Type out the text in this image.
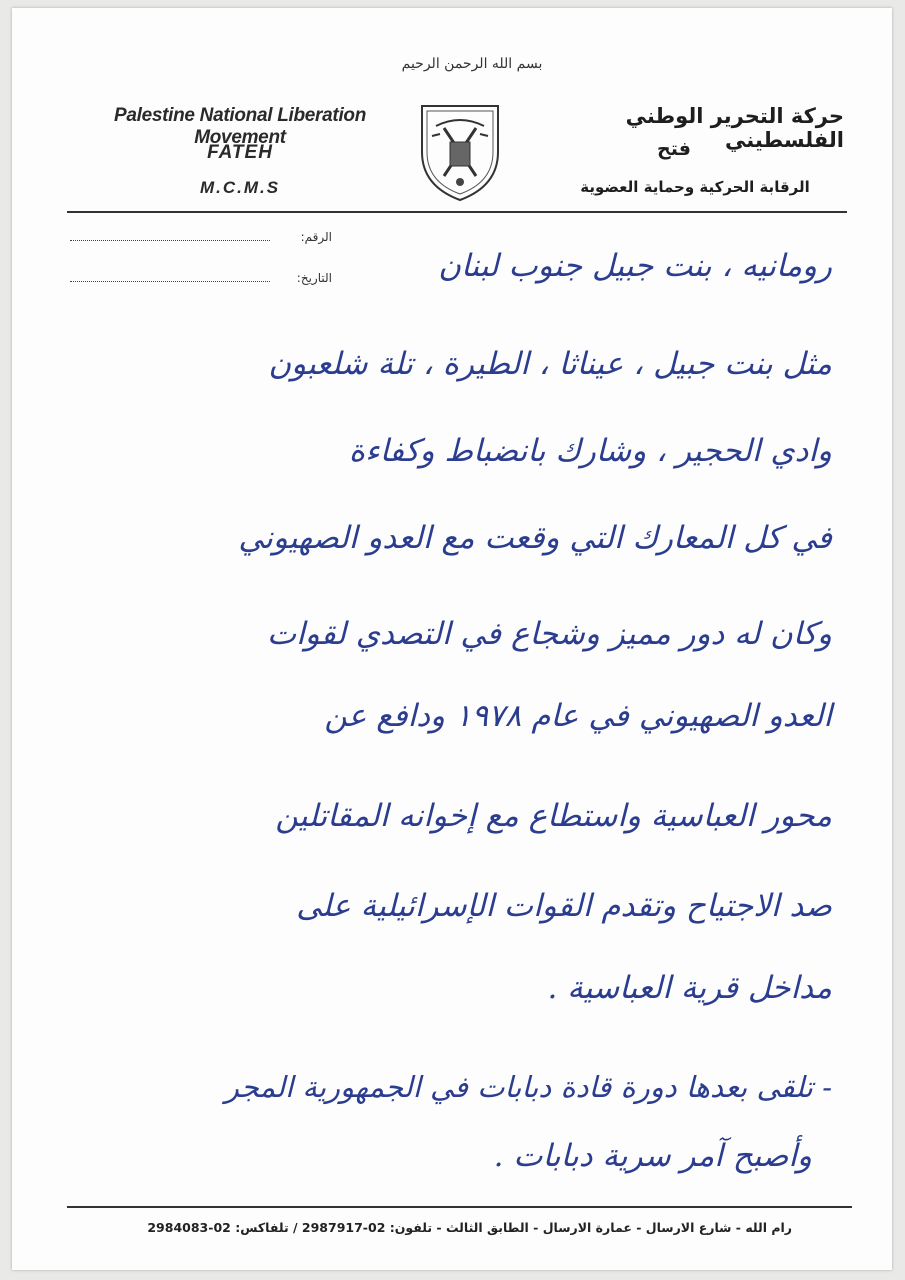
بسم الله الرحمن الرحيم
Palestine National Liberation Movement
FATEH
M.C.M.S
حركة التحرير الوطني الفلسطيني
فتح
الرقابة الحركية وحماية العضوية
الرقم:
التاريخ:	رومانيه ، بنت جبيل جنوب لبنان
مثل بنت جبيل ، عيناثا ، الطيرة ، تلة شلعبون
وادي الحجير ، وشارك بانضباط وكفاءة
في كل المعارك التي وقعت مع العدو الصهيوني
وكان له دور مميز وشجاع في التصدي لقوات
العدو الصهيوني في عام ١٩٧٨ ودافع عن
محور العباسية واستطاع مع إخوانه المقاتلين
صد الاجتياح وتقدم القوات الإسرائيلية على
مداخل قرية العباسية .
- تلقى بعدها دورة قادة دبابات في الجمهورية المجر
وأصبح آمر سرية دبابات .
رام الله - شارع الارسال - عمارة الارسال - الطابق الثالث - تلفون: 02-2987917 / تلفاكس: 02-2984083
